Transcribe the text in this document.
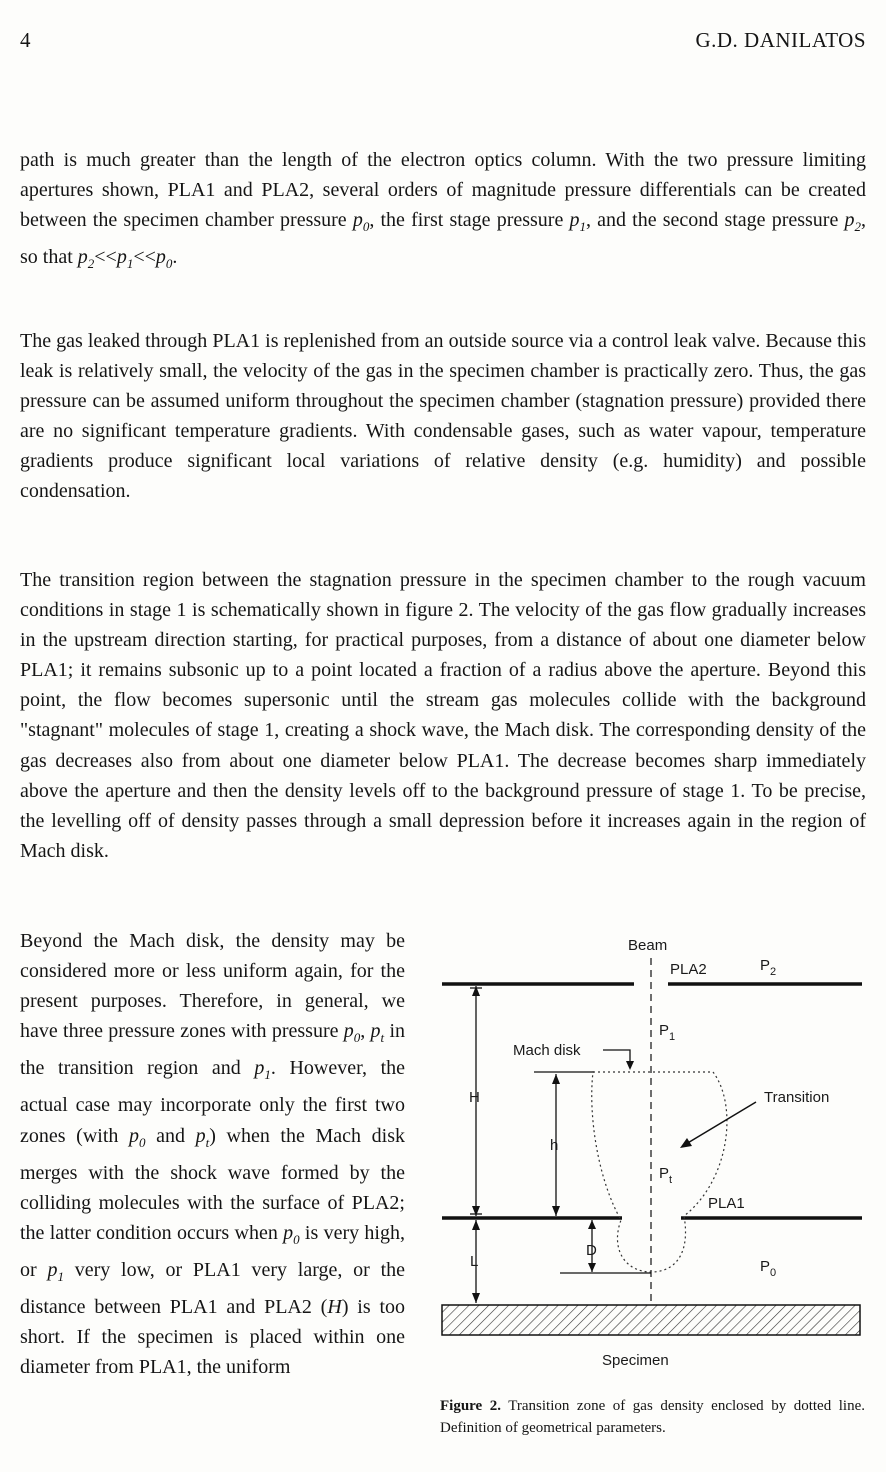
4	G.D. DANILATOS
path is much greater than the length of the electron optics column. With the two pressure limiting apertures shown, PLA1 and PLA2, several orders of magnitude pressure differentials can be created between the specimen chamber pressure $p_0$, the first stage pressure $p_1$, and the second stage pressure $p_2$, so that $p_2<<p_1<<p_0$.
The gas leaked through PLA1 is replenished from an outside source via a control leak valve. Because this leak is relatively small, the velocity of the gas in the specimen chamber is practically zero. Thus, the gas pressure can be assumed uniform throughout the specimen chamber (stagnation pressure) provided there are no significant temperature gradients. With condensable gases, such as water vapour, temperature gradients produce significant local variations of relative density (e.g. humidity) and possible condensation.
The transition region between the stagnation pressure in the specimen chamber to the rough vacuum conditions in stage 1 is schematically shown in figure 2. The velocity of the gas flow gradually increases in the upstream direction starting, for practical purposes, from a distance of about one diameter below PLA1; it remains subsonic up to a point located a fraction of a radius above the aperture. Beyond this point, the flow becomes supersonic until the stream gas molecules collide with the background "stagnant" molecules of stage 1, creating a shock wave, the Mach disk. The corresponding density of the gas decreases also from about one diameter below PLA1. The decrease becomes sharp immediately above the aperture and then the density levels off to the background pressure of stage 1. To be precise, the levelling off of density passes through a small depression before it increases again in the region of Mach disk.
Beyond the Mach disk, the density may be considered more or less uniform again, for the present purposes. Therefore, in general, we have three pressure zones with pressure $p_0$, $p_t$ in the transition region and $p_1$. However, the actual case may incorporate only the first two zones (with $p_0$ and $p_t$) when the Mach disk merges with the shock wave formed by the colliding molecules with the surface of PLA2; the latter condition occurs when $p_0$ is very high, or $p_1$ very low, or PLA1 very large, or the distance between PLA1 and PLA2 (H) is too short. If the specimen is placed within one diameter from PLA1, the uniform
Beam
PLA2	$P_2$
$P_1$
Mach disk
Transition
H
h
$P_t$
PLA1
D
L	$P_0$
Specimen
Figure 2. Transition zone of gas density enclosed by dotted line. Definition of geometrical parameters.
